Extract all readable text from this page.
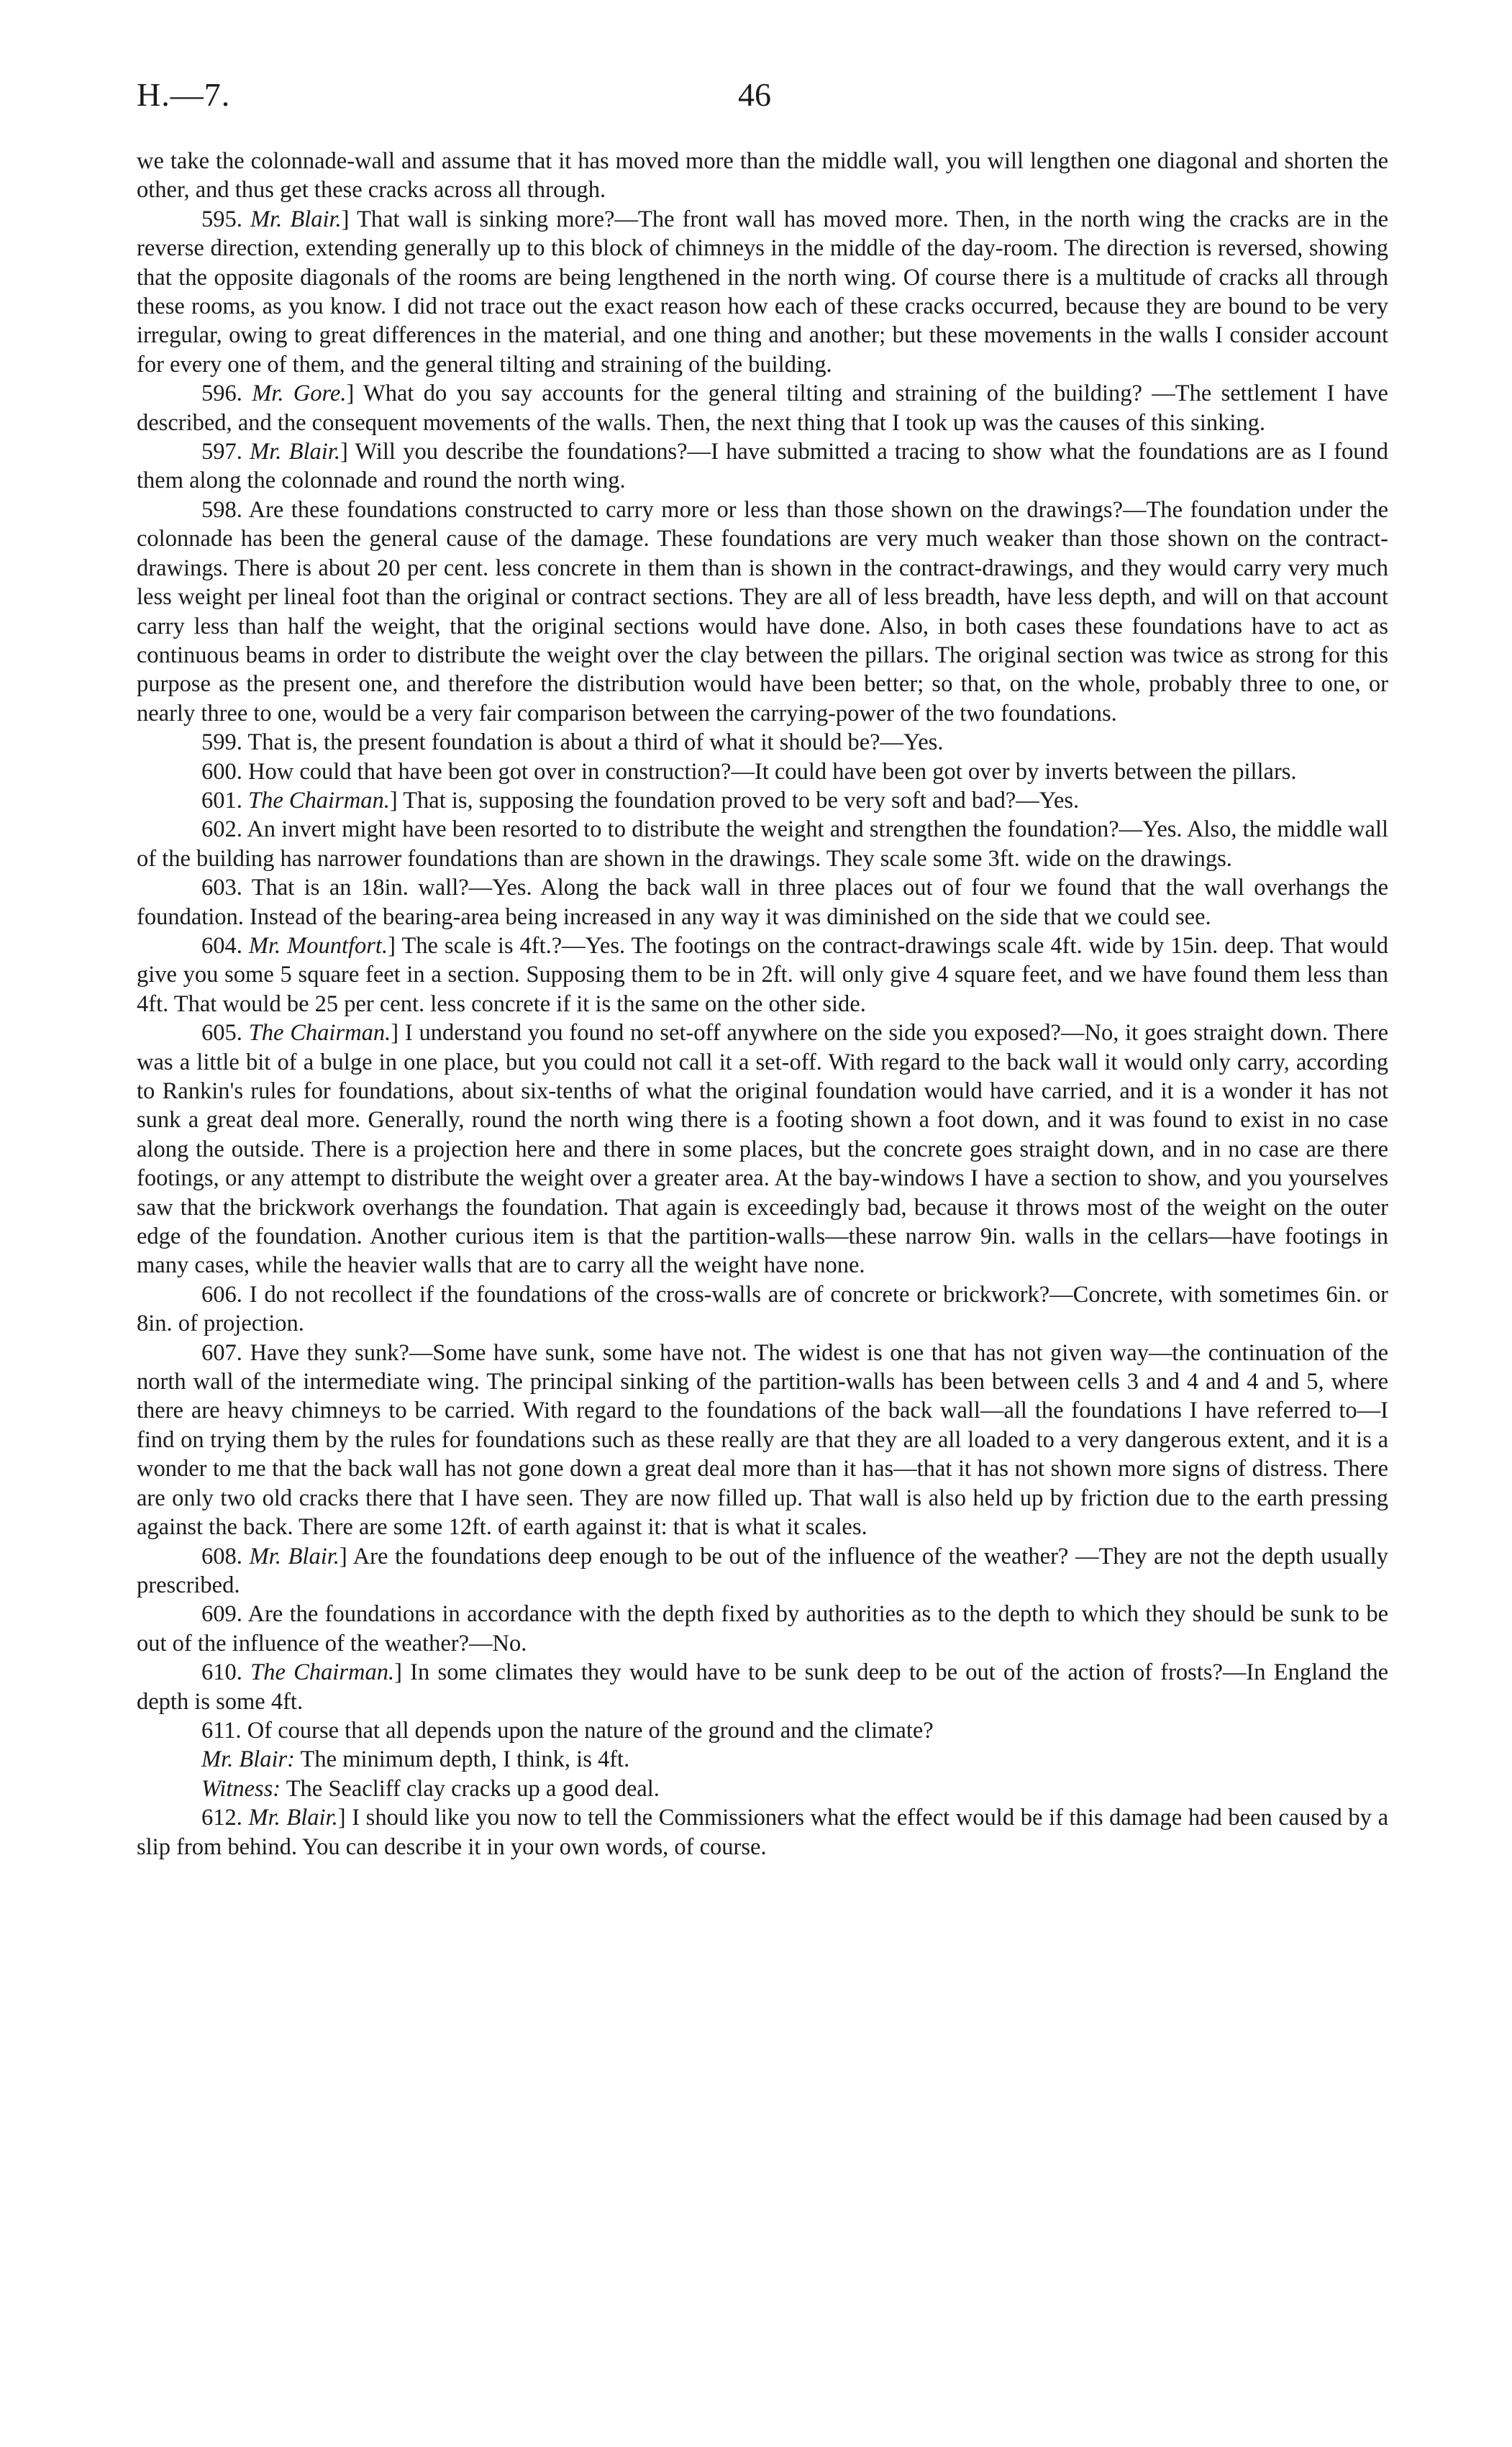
H.—7.	46

we take the colonnade-wall and assume that it has moved more than the middle wall, you will lengthen one diagonal and shorten the other, and thus get these cracks across all through.

595. Mr. Blair.] That wall is sinking more?—The front wall has moved more. Then, in the north wing the cracks are in the reverse direction, extending generally up to this block of chimneys in the middle of the day-room. The direction is reversed, showing that the opposite diagonals of the rooms are being lengthened in the north wing. Of course there is a multitude of cracks all through these rooms, as you know. I did not trace out the exact reason how each of these cracks occurred, because they are bound to be very irregular, owing to great differences in the material, and one thing and another; but these movements in the walls I consider account for every one of them, and the general tilting and straining of the building.

596. Mr. Gore.] What do you say accounts for the general tilting and straining of the building? —The settlement I have described, and the consequent movements of the walls. Then, the next thing that I took up was the causes of this sinking.

597. Mr. Blair.] Will you describe the foundations?—I have submitted a tracing to show what the foundations are as I found them along the colonnade and round the north wing.

598. Are these foundations constructed to carry more or less than those shown on the drawings?—The foundation under the colonnade has been the general cause of the damage. These foundations are very much weaker than those shown on the contract-drawings. There is about 20 per cent. less concrete in them than is shown in the contract-drawings, and they would carry very much less weight per lineal foot than the original or contract sections. They are all of less breadth, have less depth, and will on that account carry less than half the weight, that the original sections would have done. Also, in both cases these foundations have to act as continuous beams in order to distribute the weight over the clay between the pillars. The original section was twice as strong for this purpose as the present one, and therefore the distribution would have been better; so that, on the whole, probably three to one, or nearly three to one, would be a very fair comparison between the carrying-power of the two foundations.

599. That is, the present foundation is about a third of what it should be?—Yes.

600. How could that have been got over in construction?—It could have been got over by inverts between the pillars.

601. The Chairman.] That is, supposing the foundation proved to be very soft and bad?—Yes.

602. An invert might have been resorted to to distribute the weight and strengthen the foundation?—Yes. Also, the middle wall of the building has narrower foundations than are shown in the drawings. They scale some 3ft. wide on the drawings.

603. That is an 18in. wall?—Yes. Along the back wall in three places out of four we found that the wall overhangs the foundation. Instead of the bearing-area being increased in any way it was diminished on the side that we could see.

604. Mr. Mountfort.] The scale is 4ft.?—Yes. The footings on the contract-drawings scale 4ft. wide by 15in. deep. That would give you some 5 square feet in a section. Supposing them to be in 2ft. will only give 4 square feet, and we have found them less than 4ft. That would be 25 per cent. less concrete if it is the same on the other side.

605. The Chairman.] I understand you found no set-off anywhere on the side you exposed?—No, it goes straight down. There was a little bit of a bulge in one place, but you could not call it a set-off. With regard to the back wall it would only carry, according to Rankin's rules for foundations, about six-tenths of what the original foundation would have carried, and it is a wonder it has not sunk a great deal more. Generally, round the north wing there is a footing shown a foot down, and it was found to exist in no case along the outside. There is a projection here and there in some places, but the concrete goes straight down, and in no case are there footings, or any attempt to distribute the weight over a greater area. At the bay-windows I have a section to show, and you yourselves saw that the brickwork overhangs the foundation. That again is exceedingly bad, because it throws most of the weight on the outer edge of the foundation. Another curious item is that the partition-walls—these narrow 9in. walls in the cellars—have footings in many cases, while the heavier walls that are to carry all the weight have none.

606. I do not recollect if the foundations of the cross-walls are of concrete or brickwork?—Concrete, with sometimes 6in. or 8in. of projection.

607. Have they sunk?—Some have sunk, some have not. The widest is one that has not given way—the continuation of the north wall of the intermediate wing. The principal sinking of the partition-walls has been between cells 3 and 4 and 4 and 5, where there are heavy chimneys to be carried. With regard to the foundations of the back wall—all the foundations I have referred to—I find on trying them by the rules for foundations such as these really are that they are all loaded to a very dangerous extent, and it is a wonder to me that the back wall has not gone down a great deal more than it has—that it has not shown more signs of distress. There are only two old cracks there that I have seen. They are now filled up. That wall is also held up by friction due to the earth pressing against the back. There are some 12ft. of earth against it: that is what it scales.

608. Mr. Blair.] Are the foundations deep enough to be out of the influence of the weather? —They are not the depth usually prescribed.

609. Are the foundations in accordance with the depth fixed by authorities as to the depth to which they should be sunk to be out of the influence of the weather?—No.

610. The Chairman.] In some climates they would have to be sunk deep to be out of the action of frosts?—In England the depth is some 4ft.

611. Of course that all depends upon the nature of the ground and the climate?

Mr. Blair: The minimum depth, I think, is 4ft.

Witness: The Seacliff clay cracks up a good deal.

612. Mr. Blair.] I should like you now to tell the Commissioners what the effect would be if this damage had been caused by a slip from behind. You can describe it in your own words, of course.
